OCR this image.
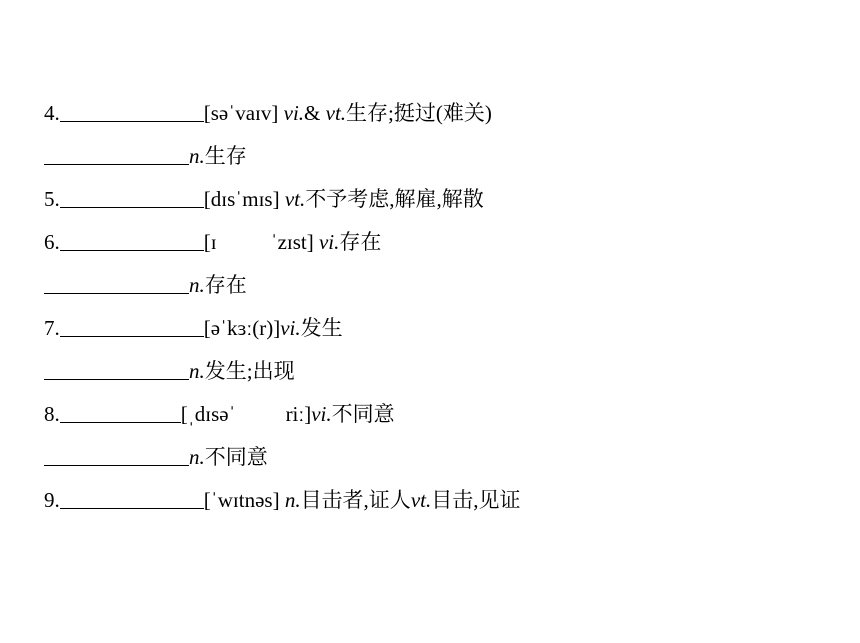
4.	[səˈvaɪv] vi.& vt.生存;挺过(难关)
n.生存
5.	[dɪsˈmɪs] vt.不予考虑,解雇,解散
6.	[ɪ	ˈzɪst] vi.存在
n.存在
7.	[əˈkɜː(r)]vi.发生
n.发生;出现
8.	[ˌdɪsəˈ riː]vi.不同意
n.不同意
9.	[ˈwɪtnəs] n.目击者,证人vt.目击,见证
